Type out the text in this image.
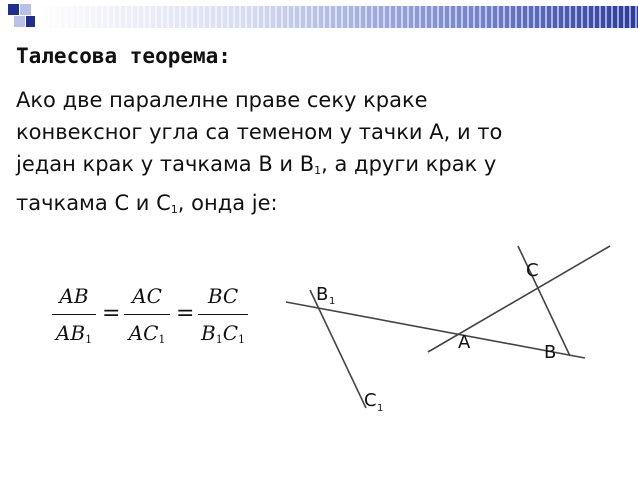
Талесова теорема:
Ако две паралелне праве секу краке
конвексног угла са теменом у тачки A, и то
један крак у тачкама B и $B_1$, а други крак у
тачкама C и $C_1$, онда је:
$\frac{AB}{AB_1} = \frac{AC}{AC_1} = \frac{BC}{B_1C_1}$	B 1
C
A	B
C 1
